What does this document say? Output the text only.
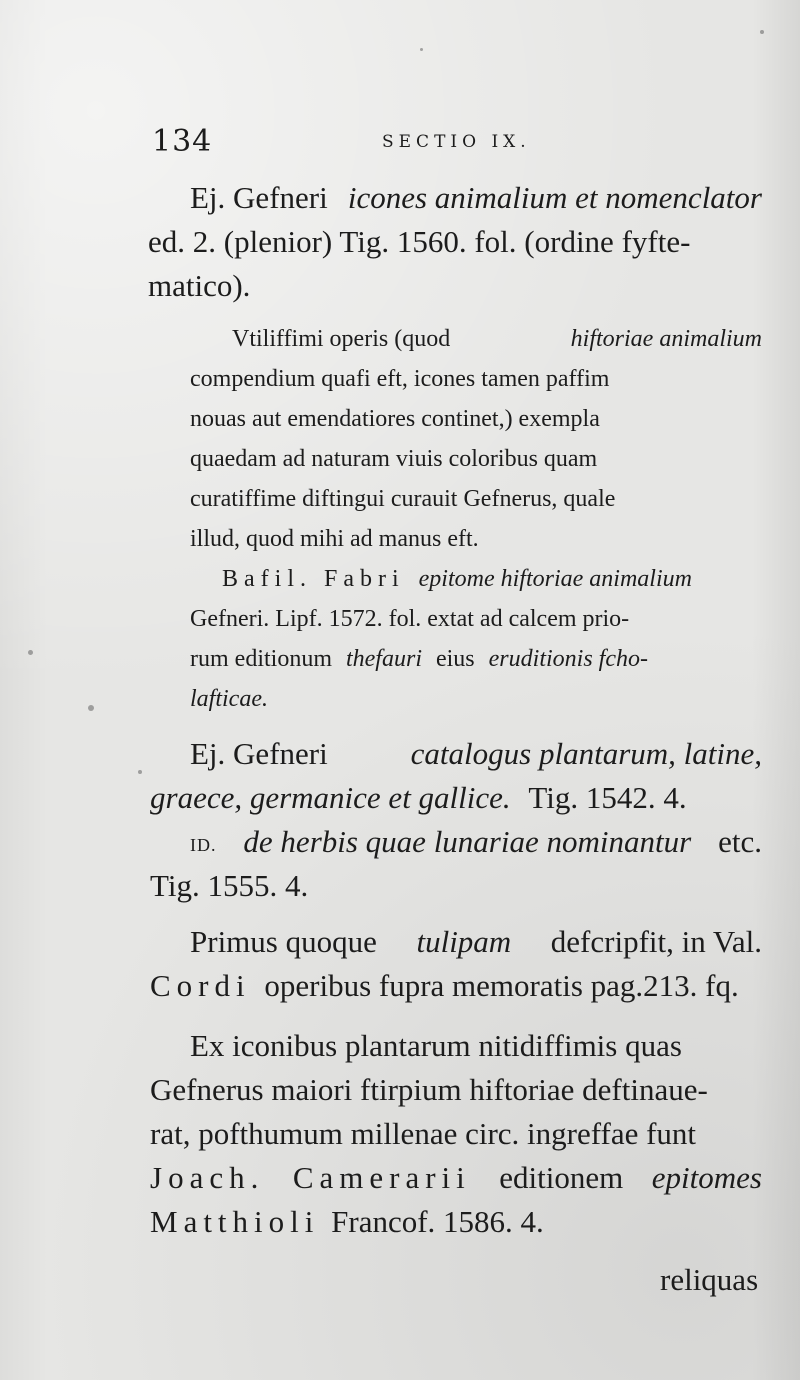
134	SECTIO IX.
Ej. Gefneri icones animalium et nomenclator
ed. 2. (plenior) Tig. 1560. fol. (ordine fyfte-
matico).
Vtiliffimi operis (quod	hiftoriae animalium
compendium quafi eft, icones tamen paffim
nouas aut emendatiores continet,) exempla
quaedam ad naturam viuis coloribus quam
curatiffime diftingui curauit Gefnerus, quale
illud, quod mihi ad manus eft.
Bafil. Fabri epitome hiftoriae animalium
Gefneri. Lipf. 1572. fol. extat ad calcem prio-
rum editionum thefauri eius eruditionis fcho-
lafticae.
Ej. Gefneri	catalogus plantarum, latine,
graece, germanice et gallice. Tig. 1542. 4.
ID. de herbis quae lunariae nominantur etc.
Tig. 1555. 4.
Primus quoque tulipam defcripfit, in Val.
Cordi operibus fupra memoratis pag.213. fq.
Ex iconibus plantarum nitidiffimis quas
Gefnerus maiori ftirpium hiftoriae deftinaue-
rat, pofthumum millenae circ. ingreffae funt
Joach. Camerarii editionem epitomes
Matthioli Francof. 1586. 4.
reliquas
